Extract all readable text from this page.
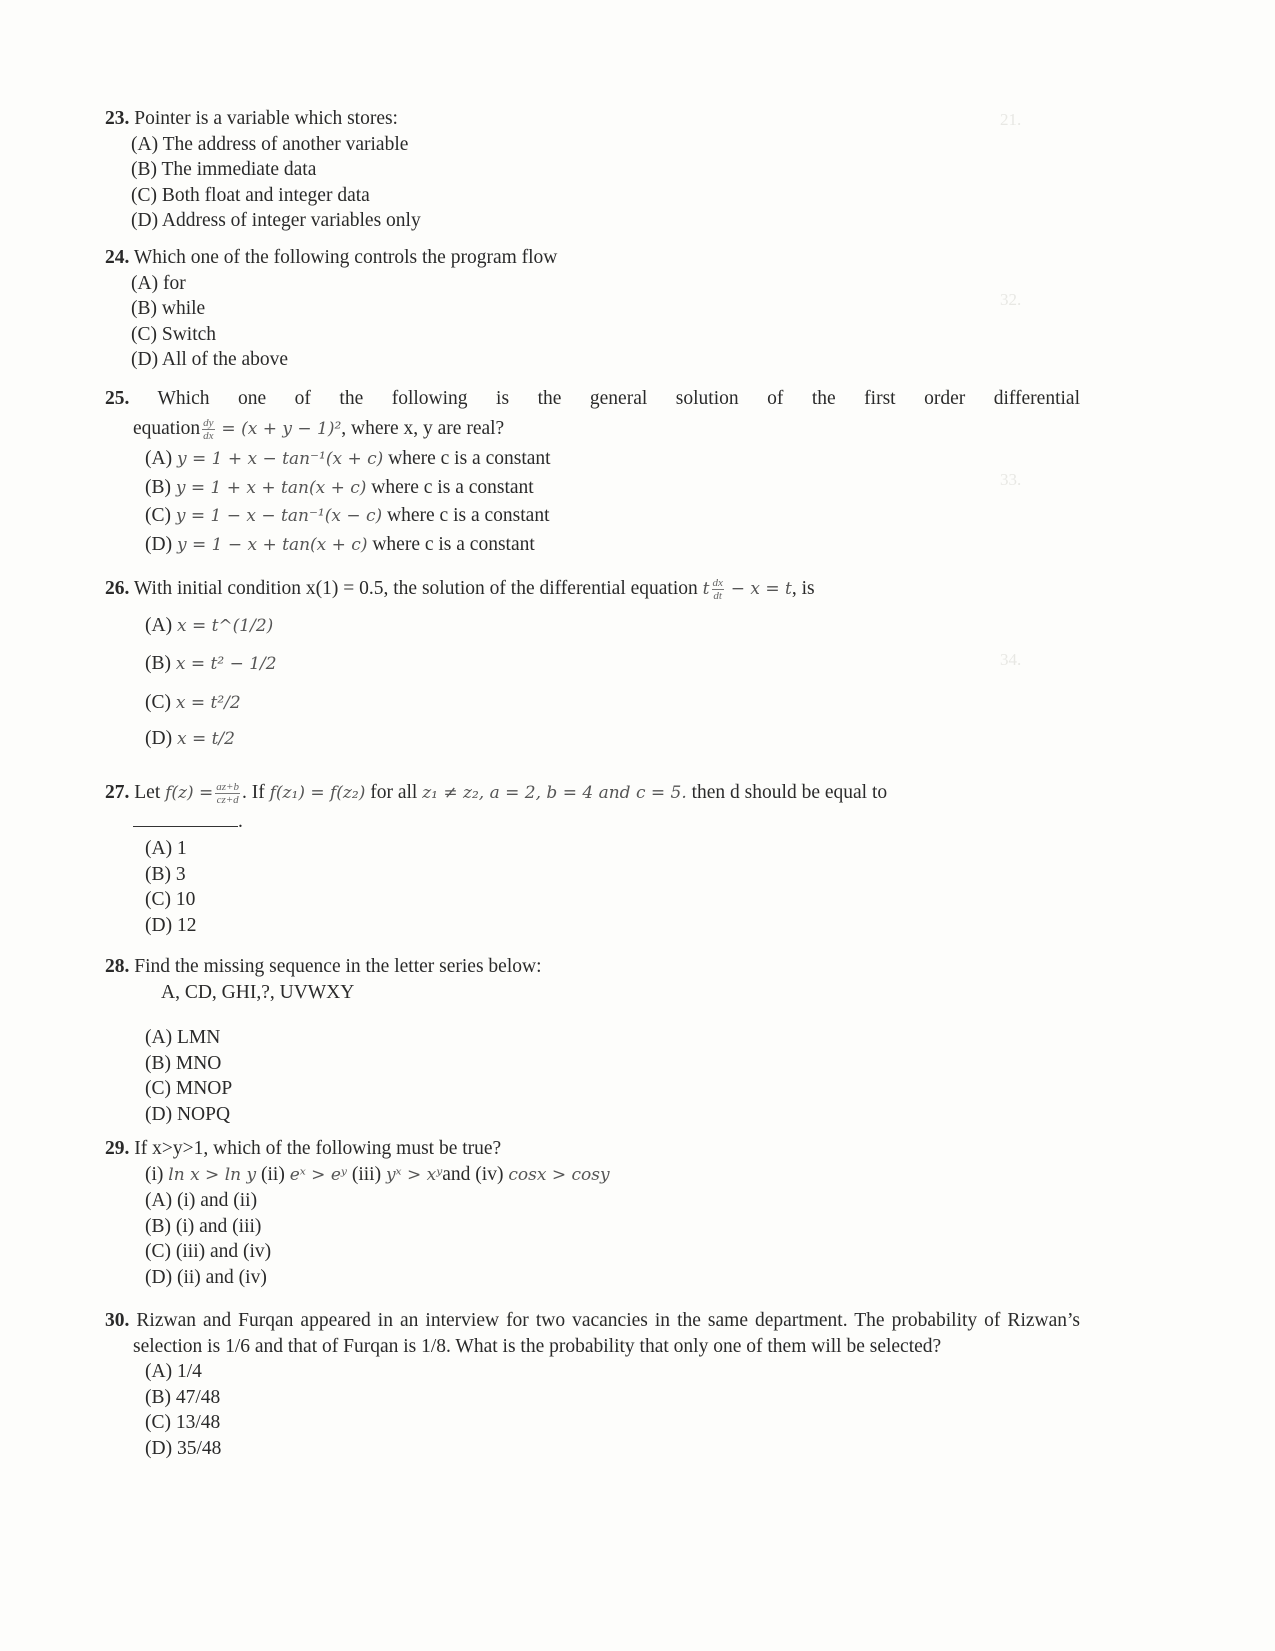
21.
32.
33.
34.
23. Pointer is a variable which stores:
(A) The address of another variable
(B) The immediate data
(C) Both float and integer data
(D) Address of integer variables only
24. Which one of the following controls the program flow
(A) for
(B) while
(C) Switch
(D) All of the above
25. Which one of the following is the general solution of the first order differential
equation $\frac{dy}{dx} = (x + y - 1)^2$, where x, y are real?
(A) y = 1 + x − tan⁻¹(x + c) where c is a constant
(B) y = 1 + x + tan(x + c) where c is a constant
(C) y = 1 − x − tan⁻¹(x − c) where c is a constant
(D) y = 1 − x + tan(x + c) where c is a constant
26. With initial condition x(1) = 0.5, the solution of the differential equation t $\frac{dx}{dt} - x = t$, is
(A) x = t^(1/2)
(B) x = t² − 1/2
(C) x = t²/2
(D) x = t/2
27. Let $f(z) = \frac{az+b}{cz+d}$ . If f(z₁) = f(z₂) for all z₁ ≠ z₂, a = 2, b = 4 and c = 5. then d should be equal to
.
(A) 1
(B) 3
(C) 10
(D) 12
28. Find the missing sequence in the letter series below:
A, CD, GHI,?, UVWXY
(A) LMN
(B) MNO
(C) MNOP
(D) NOPQ
29. If x>y>1, which of the following must be true?
(i) ln x > ln y (ii) eˣ > eʸ (iii) yˣ > xʸand (iv) cosx > cosy
(A) (i) and (ii)
(B) (i) and (iii)
(C) (iii) and (iv)
(D) (ii) and (iv)
30. Rizwan and Furqan appeared in an interview for two vacancies in the same department. The probability of Rizwan’s selection is 1/6 and that of Furqan is 1/8. What is the probability that only one of them will be selected?
(A) 1/4
(B) 47/48
(C) 13/48
(D) 35/48
